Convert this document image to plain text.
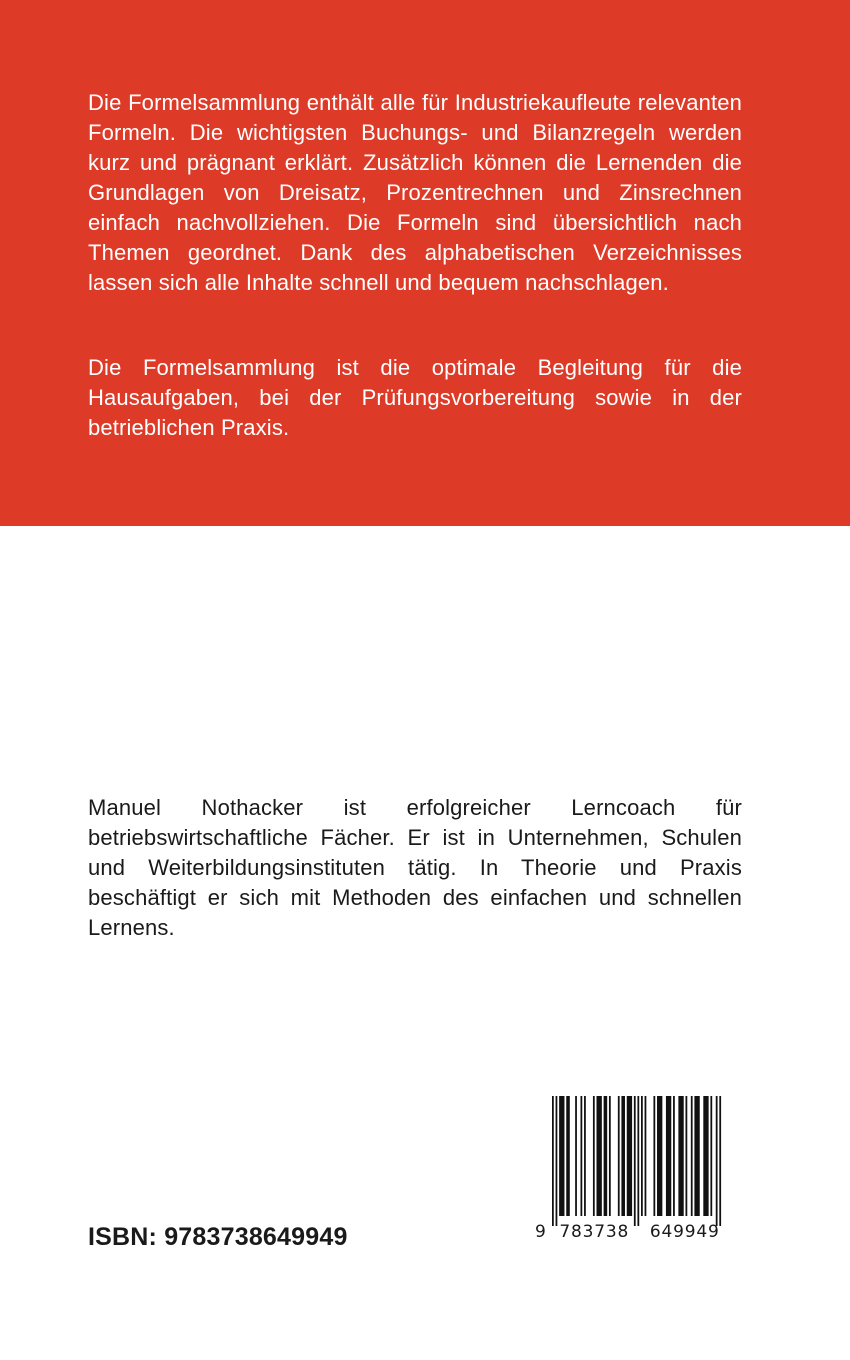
Die Formelsammlung enthält alle für Industriekaufleute relevanten Formeln. Die wichtigsten Buchungs- und Bilanzregeln werden kurz und prägnant erklärt. Zusätzlich können die Lernenden die Grundlagen von Dreisatz, Prozentrechnen und Zinsrechnen einfach nachvollziehen. Die Formeln sind übersichtlich nach Themen geordnet. Dank des alphabetischen Verzeichnisses lassen sich alle Inhalte schnell und bequem nachschlagen.

Die Formelsammlung ist die optimale Begleitung für die Hausaufgaben, bei der Prüfungsvorbereitung sowie in der betrieblichen Praxis.

Manuel Nothacker ist erfolgreicher Lerncoach für betriebswirtschaftliche Fächer. Er ist in Unternehmen, Schulen und Weiterbildungsinstituten tätig. In Theorie und Praxis beschäftigt er sich mit Methoden des einfachen und schnellen Lernens.

ISBN: 9783738649949	9 783738	649949
